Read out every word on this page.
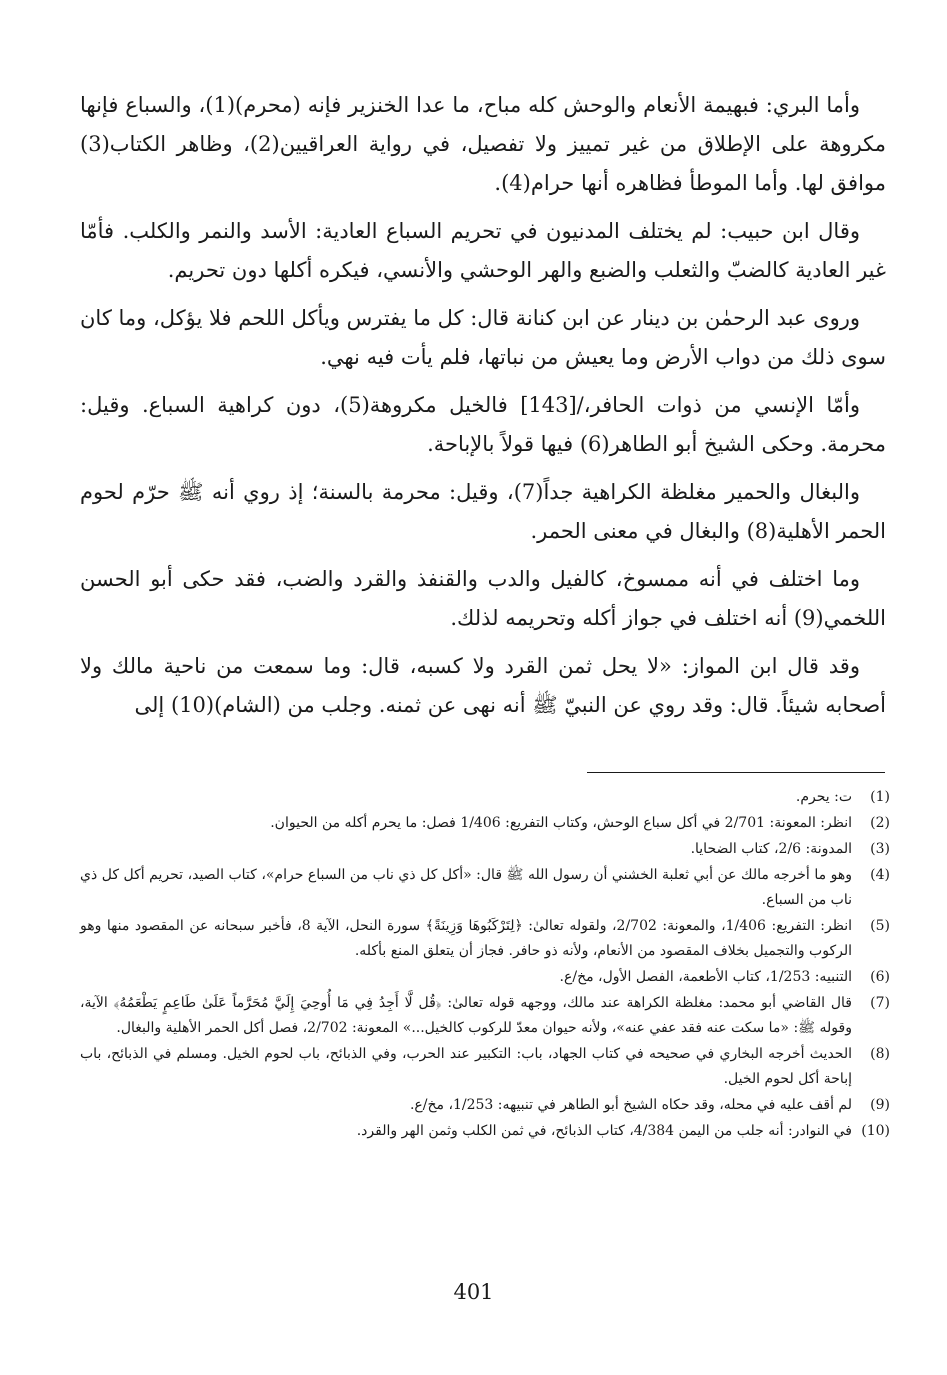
وأما البري: فبهيمة الأنعام والوحش كله مباح، ما عدا الخنزير فإنه (محرم)(1)، والسباع فإنها مكروهة على الإطلاق من غير تمييز ولا تفصيل، في رواية العراقيين(2)، وظاهر الكتاب(3) موافق لها. وأما الموطأ فظاهره أنها حرام(4).

وقال ابن حبيب: لم يختلف المدنيون في تحريم السباع العادية: الأسد والنمر والكلب. فأمّا غير العادية كالضبّ والثعلب والضبع والهر الوحشي والأنسي، فيكره أكلها دون تحريم.

وروى عبد الرحمٰن بن دينار عن ابن كنانة قال: كل ما يفترس ويأكل اللحم فلا يؤكل، وما كان سوى ذلك من دواب الأرض وما يعيش من نباتها، فلم يأت فيه نهي.

وأمّا الإنسي من ذوات الحافر،/[143] فالخيل مكروهة(5)، دون كراهية السباع. وقيل: محرمة. وحكى الشيخ أبو الطاهر(6) فيها قولاً بالإباحة.

والبغال والحمير مغلظة الكراهية جداً(7)، وقيل: محرمة بالسنة؛ إذ روي أنه ﷺ حرّم لحوم الحمر الأهلية(8) والبغال في معنى الحمر.

وما اختلف في أنه ممسوخ، كالفيل والدب والقنفذ والقرد والضب، فقد حكى أبو الحسن اللخمي(9) أنه اختلف في جواز أكله وتحريمه لذلك.

وقد قال ابن المواز: «لا يحل ثمن القرد ولا كسبه، قال: وما سمعت من ناحية مالك ولا أصحابه شيئاً. قال: وقد روي عن النبيّ ﷺ أنه نهى عن ثمنه. وجلب من (الشام)(10) إلى

(1)
ت: يحرم.
(2)
انظر: المعونة: 2/701 في أكل سباع الوحش، وكتاب التفريع: 1/406 فصل: ما يحرم أكله من الحيوان.
(3)
المدونة: 2/6، كتاب الضحايا.
(4)
وهو ما أخرجه مالك عن أبي ثعلبة الخشني أن رسول الله ﷺ قال: «أكل كل ذي ناب من السباع حرام»، كتاب الصيد، تحريم أكل كل ذي ناب من السباع.
(5)
انظر: التفريع: 1/406، والمعونة: 2/702، ولقوله تعالىٰ: ﴿لِتَرْكَبُوهَا وَزِينَةً﴾ سورة النحل، الآية 8، فأخبر سبحانه عن المقصود منها وهو الركوب والتجميل بخلاف المقصود من الأنعام، ولأنه ذو حافر. فجاز أن يتعلق المنع بأكله.
(6)
التنبيه: 1/253، كتاب الأطعمة، الفصل الأول، مخ/ع.
(7)
قال القاضي أبو محمد: مغلظة الكراهة عند مالك، ووجهه قوله تعالىٰ: ﴿قُل لَّا أَجِدُ فِي مَا أُوحِيَ إِلَيَّ مُحَرَّماً عَلَىٰ طَاعِمٍ يَطْعَمُهُ﴾ الآية، وقوله ﷺ: «ما سكت عنه فقد عفي عنه»، ولأنه حيوان معدّ للركوب كالخيل...» المعونة: 2/702، فصل أكل الحمر الأهلية والبغال.
(8)
الحديث أخرجه البخاري في صحيحه في كتاب الجهاد، باب: التكبير عند الحرب، وفي الذبائح، باب لحوم الخيل. ومسلم في الذبائح، باب إباحة أكل لحوم الخيل.
(9)
لم أقف عليه في محله، وقد حكاه الشيخ أبو الطاهر في تنبيهه: 1/253، مخ/ع.
(10)
في النوادر: أنه جلب من اليمن 4/384، كتاب الذبائح، في ثمن الكلب وثمن الهر والقرد.
401
